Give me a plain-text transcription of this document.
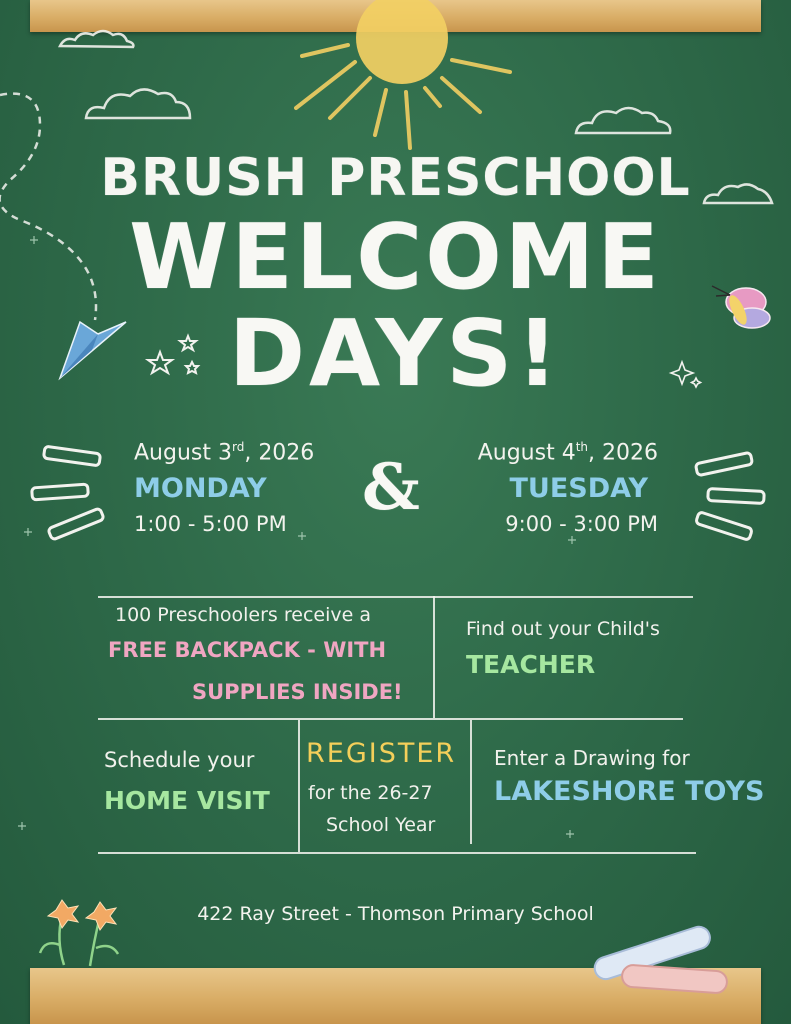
BRUSH PRESCHOOL
WELCOME
DAYS!
August 3rd, 2026
MONDAY
1:00 - 5:00 PM	&	August 4th, 2026
TUESDAY
9:00 - 3:00 PM
100 Preschoolers receive a
FREE BACKPACK - WITH
SUPPLIES INSIDE!
Find out your Child's
TEACHER
Schedule your
HOME VISIT
REGISTER
for the 26-27
School Year
Enter a Drawing for
LAKESHORE TOYS
422 Ray Street - Thomson Primary School
